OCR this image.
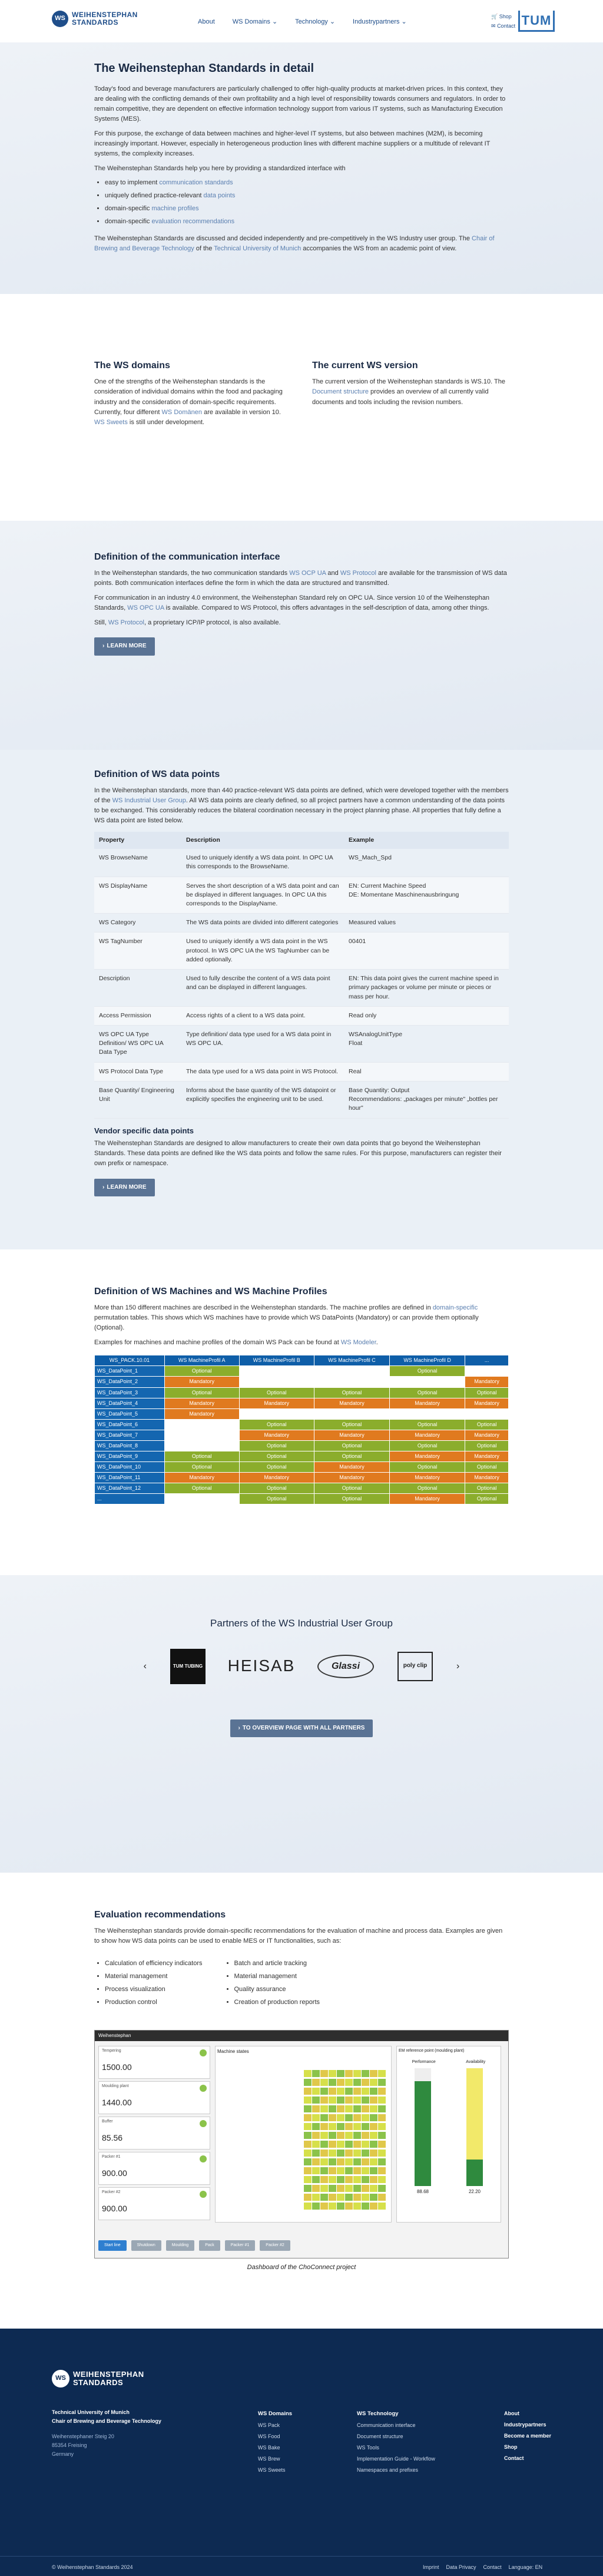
WS WEIHENSTEPHAN
STANDARDS	About	WS Domains ⌄	Technology ⌄	Industrypartners ⌄
🛒 Shop
✉ Contact TUM
The Weihenstephan Standards in detail

Today's food and beverage manufacturers are particularly challenged to offer high-quality products at market-driven prices. In this context, they are dealing with the conflicting demands of their own profitability and a high level of responsibility towards consumers and regulators. In order to remain competitive, they are dependent on effective information technology support from various IT systems, such as Manufacturing Execution Systems (MES).

For this purpose, the exchange of data between machines and higher-level IT systems, but also between machines (M2M), is becoming increasingly important. However, especially in heterogeneous production lines with different machine suppliers or a multitude of relevant IT systems, the complexity increases.

The Weihenstephan Standards help you here by providing a standardized interface with

• easy to implement communication standards
• uniquely defined practice-relevant data points
• domain-specific machine profiles
• domain-specific evaluation recommendations

The Weihenstephan Standards are discussed and decided independently and pre-competitively in the WS Industry user group. The Chair of Brewing and Beverage Technology of the Technical University of Munich accompanies the WS from an academic point of view.

The WS domains

One of the strengths of the Weihenstephan standards is the consideration of individual domains within the food and packaging industry and the consideration of domain-specific requirements. Currently, four different WS Domänen are available in version 10. WS Sweets is still under development.

The current WS version

The current version of the Weihenstephan standards is WS.10. The Document structure provides an overview of all currently valid documents and tools including the revision numbers.

Definition of the communication interface

In the Weihenstephan standards, the two communication standards WS OCP UA and WS Protocol are available for the transmission of WS data points. Both communication interfaces define the form in which the data are structured and transmitted.

For communication in an industry 4.0 environment, the Weihenstephan Standard rely on OPC UA. Since version 10 of the Weihenstephan Standards, WS OPC UA is available. Compared to WS Protocol, this offers advantages in the self-description of data, among other things.

Still, WS Protocol, a proprietary ICP/IP protocol, is also available.

› LEARN MORE
Definition of WS data points

In the Weihenstephan standards, more than 440 practice-relevant WS data points are defined, which were developed together with the members of the WS Industrial User Group. All WS data points are clearly defined, so all project partners have a common understanding of the data points to be exchanged. This considerably reduces the bilateral coordination necessary in the project planning phase. All properties that fully define a WS data point are listed below.

Property	Description	Example
WS BrowseName	Used to uniquely identify a WS data point. In OPC UA this corresponds to the BrowseName.	WS_Mach_Spd
WS DisplayName	Serves the short description of a WS data point and can be displayed in different languages. In OPC UA this corresponds to the DisplayName.	EN: Current Machine Speed
DE: Momentane Maschinenausbringung
WS Category	The WS data points are divided into different categories	Measured values
WS TagNumber	Used to uniquely identify a WS data point in the WS protocol. In WS OPC UA the WS TagNumber can be added optionally.	00401
Description	Used to fully describe the content of a WS data point and can be displayed in different languages.	EN: This data point gives the current machine speed in primary packages or volume per minute or pieces or mass per hour.
Access Permission	Access rights of a client to a WS data point.	Read only
WS OPC UA Type Definition/ WS OPC UA Data Type	Type definition/ data type used for a WS data point in WS OPC UA.	WSAnalogUnitType
Float
WS Protocol Data Type	The data type used for a WS data point in WS Protocol.	Real
Base Quantity/ Engineering Unit	Informs about the base quantity of the WS datapoint or explicitly specifies the engineering unit to be used.	Base Quantity: Output
Recommendations: „packages per minute" „bottles per hour"
Vendor specific data points

The Weihenstephan Standards are designed to allow manufacturers to create their own data points that go beyond the Weihenstephan Standards. These data points are defined like the WS data points and follow the same rules. For this purpose, manufacturers can register their own prefix or namespace.

› LEARN MORE
Definition of WS Machines and WS Machine Profiles

More than 150 different machines are described in the Weihenstephan standards. The machine profiles are defined in domain-specific permutation tables. This shows which WS machines have to provide which WS DataPoints (Mandatory) or can provide them optionally (Optional).

Examples for machines and machine profiles of the domain WS Pack can be found at WS Modeler.

WS_PACK.10.01	WS MachineProfil A	WS MachineProfil B	WS MachineProfil C	WS MachineProfil D	...
WS_DataPoint_1	Optional			Optional	
WS_DataPoint_2	Mandatory				Mandatory
WS_DataPoint_3	Optional	Optional	Optional	Optional	Optional
WS_DataPoint_4	Mandatory	Mandatory	Mandatory	Mandatory	Mandatory
WS_DataPoint_5	Mandatory				
WS_DataPoint_6		Optional	Optional	Optional	Optional
WS_DataPoint_7		Mandatory	Mandatory	Mandatory	Mandatory
WS_DataPoint_8		Optional	Optional	Optional	Optional
WS_DataPoint_9	Optional	Optional	Optional	Mandatory	Mandatory
WS_DataPoint_10	Optional	Optional	Mandatory	Optional	Optional
WS_DataPoint_11	Mandatory	Mandatory	Mandatory	Mandatory	Mandatory
WS_DataPoint_12	Optional	Optional	Optional	Optional	Optional
...		Optional	Optional	Mandatory	Optional
Partners of the WS Industrial User Group
‹	TUM TUBING HEISAB	Glassi	poly clip	›
› TO OVERVIEW PAGE WITH ALL PARTNERS
Evaluation recommendations

The Weihenstephan standards provide domain-specific recommendations for the evaluation of machine and process data. Examples are given to show how WS data points can be used to enable MES or IT functionalities, such as:

• Calculation of efficiency indicators
• Material management
• Process visualization
• Production control
• Batch and article tracking
• Material management
• Quality assurance
• Creation of production reports
Weihenstephan
Tempering
1500.00
Moulding plant
1440.00
Buffer
85.56
Packer #1
900.00
Packer #2
900.00
Machine states	EM reference point (moulding plant)
Performance	Availability
88.68	22.20
Start line	Shutdown	Moulding	Pack	Packer #1	Packer #2
Dashboard of the ChoConnect project
WS WEIHENSTEPHAN
STANDARDS
Technical University of Munich
Chair of Brewing and Beverage Technology
Weihenstephaner Steig 20
85354 Freising
Germany
WS Domains
WS Pack
WS Food
WS Bake
WS Brew
WS Sweets
WS Technology
Communication interface
Document structure
WS Tools
Implementation Guide - Workflow
Namespaces and prefixes
About
Industrypartners
Become a member
Shop
Contact
© Weihenstephan Standards 2024	Imprint Data Privacy Contact Language: EN
